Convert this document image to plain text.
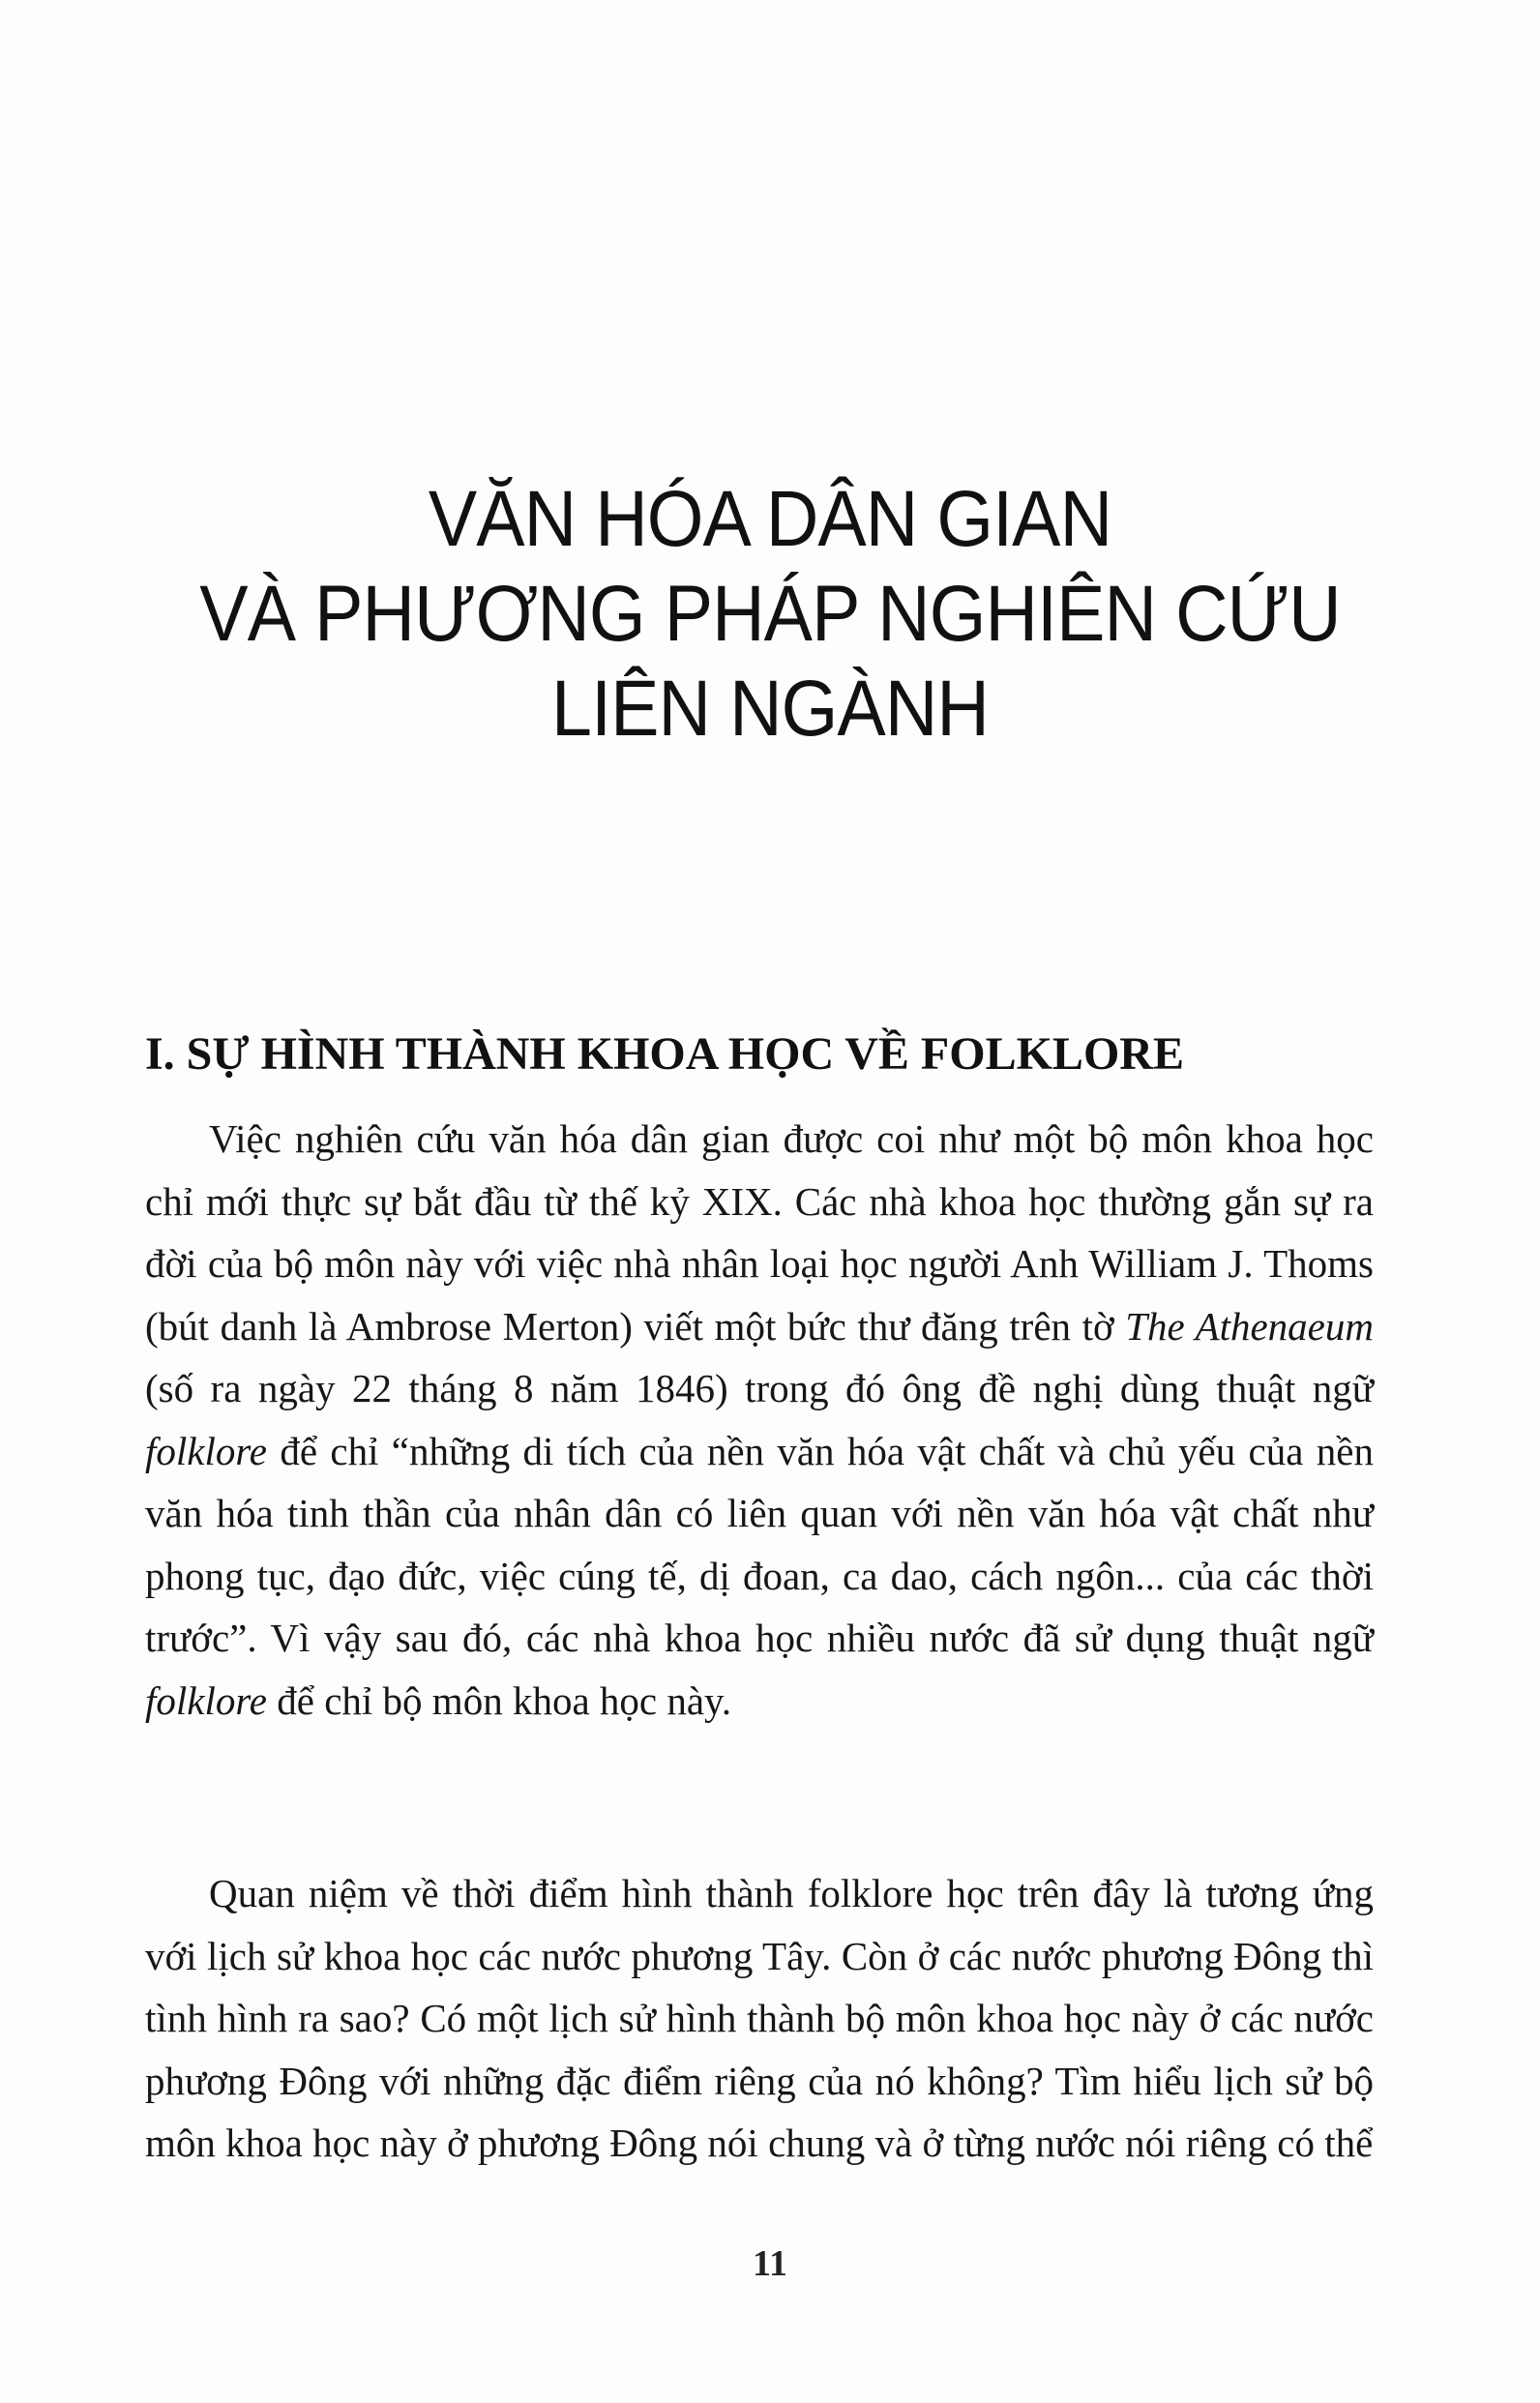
VĂN HÓA DÂN GIAN
VÀ PHƯƠNG PHÁP NGHIÊN CỨU
LIÊN NGÀNH
I. SỰ HÌNH THÀNH KHOA HỌC VỀ FOLKLORE

Việc nghiên cứu văn hóa dân gian được coi như một bộ môn khoa học chỉ mới thực sự bắt đầu từ thế kỷ XIX. Các nhà khoa học thường gắn sự ra đời của bộ môn này với việc nhà nhân loại học người Anh William J. Thoms (bút danh là Ambrose Merton) viết một bức thư đăng trên tờ The Athenaeum (số ra ngày 22 tháng 8 năm 1846) trong đó ông đề nghị dùng thuật ngữ folklore để chỉ “những di tích của nền văn hóa vật chất và chủ yếu của nền văn hóa tinh thần của nhân dân có liên quan với nền văn hóa vật chất như phong tục, đạo đức, việc cúng tế, dị đoan, ca dao, cách ngôn... của các thời trước”. Vì vậy sau đó, các nhà khoa học nhiều nước đã sử dụng thuật ngữ folklore để chỉ bộ môn khoa học này.

Quan niệm về thời điểm hình thành folklore học trên đây là tương ứng với lịch sử khoa học các nước phương Tây. Còn ở các nước phương Đông thì tình hình ra sao? Có một lịch sử hình thành bộ môn khoa học này ở các nước phương Đông với những đặc điểm riêng của nó không? Tìm hiểu lịch sử bộ môn khoa học này ở phương Đông nói chung và ở từng nước nói riêng có thể

11
